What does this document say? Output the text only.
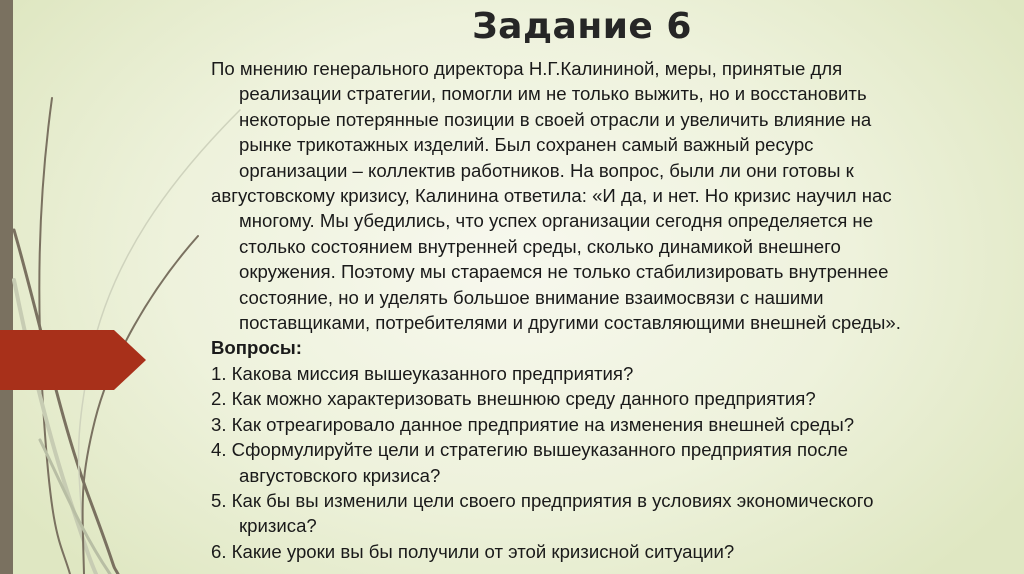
Задание 6
По мнению генерального директора Н.Г.Калининой, меры, принятые для
реализации стратегии, помогли им не только выжить, но и восстановить
некоторые потерянные позиции в своей отрасли и увеличить влияние на
рынке трикотажных изделий. Был сохранен самый важный ресурс
организации – коллектив работников. На вопрос, были ли они готовы к
августовскому кризису, Калинина ответила: «И да, и нет. Но кризис научил нас
многому. Мы убедились, что успех организации сегодня определяется не
столько состоянием внутренней среды, сколько динамикой внешнего
окружения. Поэтому мы стараемся не только стабилизировать внутреннее
состояние, но и уделять большое внимание взаимосвязи с нашими
поставщиками, потребителями и другими составляющими внешней среды».
Вопросы:
1. Какова миссия вышеуказанного предприятия?
2. Как можно характеризовать внешнюю среду данного предприятия?
3. Как отреагировало данное предприятие на изменения внешней среды?
4. Сформулируйте цели и стратегию вышеуказанного предприятия после
августовского кризиса?
5. Как бы вы изменили цели своего предприятия в условиях экономического
кризиса?
6. Какие уроки вы бы получили от этой кризисной ситуации?
